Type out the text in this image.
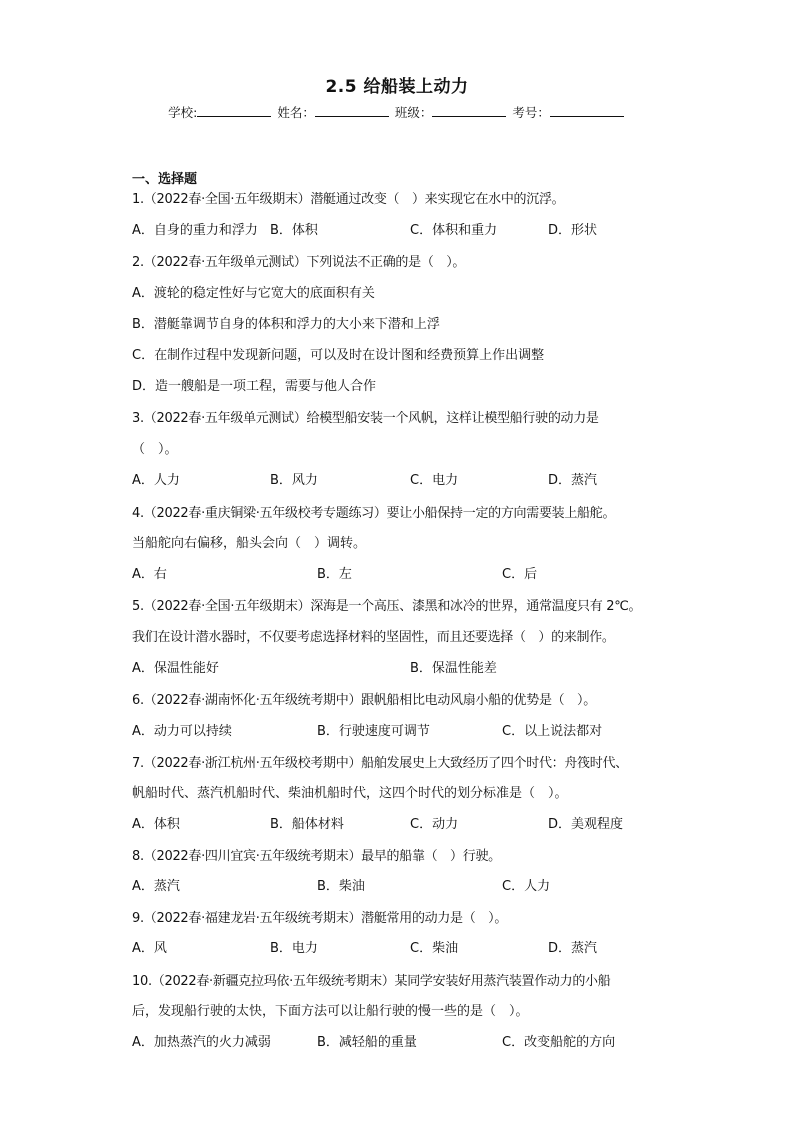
2.5 给船装上动力
学校:	姓名：	班级：	考号：
一、选择题
1.（2022春·全国·五年级期末）潜艇通过改变（　）来实现它在水中的沉浮。
A．自身的重力和浮力 B．体积	C．体积和重力	D．形状
2.（2022春·五年级单元测试）下列说法不正确的是（　）。
A．渡轮的稳定性好与它宽大的底面积有关
B．潜艇靠调节自身的体积和浮力的大小来下潜和上浮
C．在制作过程中发现新问题，可以及时在设计图和经费预算上作出调整
D．造一艘船是一项工程，需要与他人合作
3.（2022春·五年级单元测试）给模型船安装一个风帆，这样让模型船行驶的动力是
（　）。
A．人力	B．风力	C．电力	D．蒸汽
4.（2022春·重庆铜梁·五年级校考专题练习）要让小船保持一定的方向需要装上船舵。
当船舵向右偏移，船头会向（　）调转。
A．右	B．左	C．后
5.（2022春·全国·五年级期末）深海是一个高压、漆黑和冰冷的世界，通常温度只有 2℃。
我们在设计潜水器时，不仅要考虑选择材料的坚固性，而且还要选择（　）的来制作。
A．保温性能好	B．保温性能差
6.（2022春·湖南怀化·五年级统考期中）跟帆船相比电动风扇小船的优势是（　）。
A．动力可以持续	B．行驶速度可调节	C．以上说法都对
7.（2022春·浙江杭州·五年级校考期中）船舶发展史上大致经历了四个时代：舟筏时代、
帆船时代、蒸汽机船时代、柴油机船时代，这四个时代的划分标准是（　）。
A．体积	B．船体材料	C．动力	D．美观程度
8.（2022春·四川宜宾·五年级统考期末）最早的船靠（　）行驶。
A．蒸汽	B．柴油	C．人力
9.（2022春·福建龙岩·五年级统考期末）潜艇常用的动力是（　）。
A．风	B．电力	C．柴油	D．蒸汽
10.（2022春·新疆克拉玛依·五年级统考期末）某同学安装好用蒸汽装置作动力的小船
后，发现船行驶的太快，下面方法可以让船行驶的慢一些的是（　）。
A．加热蒸汽的火力减弱	B．减轻船的重量	C．改变船舵的方向
